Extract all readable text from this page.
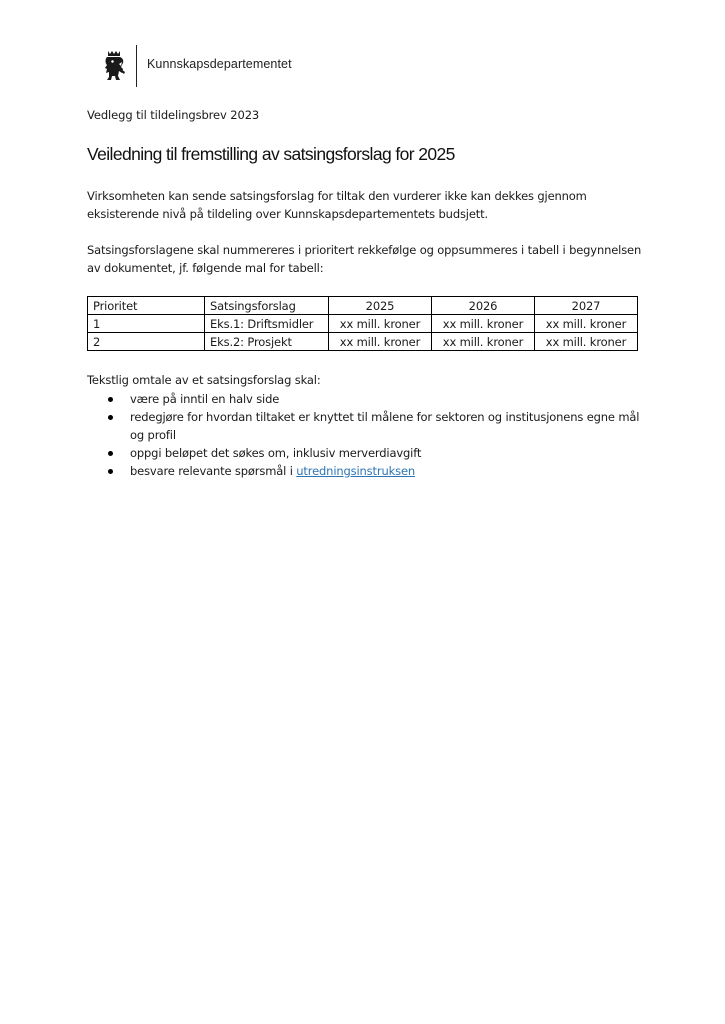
Kunnskapsdepartementet
Vedlegg til tildelingsbrev 2023
Veiledning til fremstilling av satsingsforslag for 2025

Virksomheten kan sende satsingsforslag for tiltak den vurderer ikke kan dekkes gjennom eksisterende nivå på tildeling over Kunnskapsdepartementets budsjett.

Satsingsforslagene skal nummereres i prioritert rekkefølge og oppsummeres i tabell i begynnelsen av dokumentet, jf. følgende mal for tabell:

Prioritet	Satsingsforslag	2025	2026	2027
1	Eks.1: Driftsmidler	xx mill. kroner	xx mill. kroner	xx mill. kroner
2	Eks.2: Prosjekt	xx mill. kroner	xx mill. kroner	xx mill. kroner
Tekstlig omtale av et satsingsforslag skal:
være på inntil en halv side
redegjøre for hvordan tiltaket er knyttet til målene for sektoren og institusjonens egne mål og profil
oppgi beløpet det søkes om, inklusiv merverdiavgift
besvare relevante spørsmål i utredningsinstruksen
